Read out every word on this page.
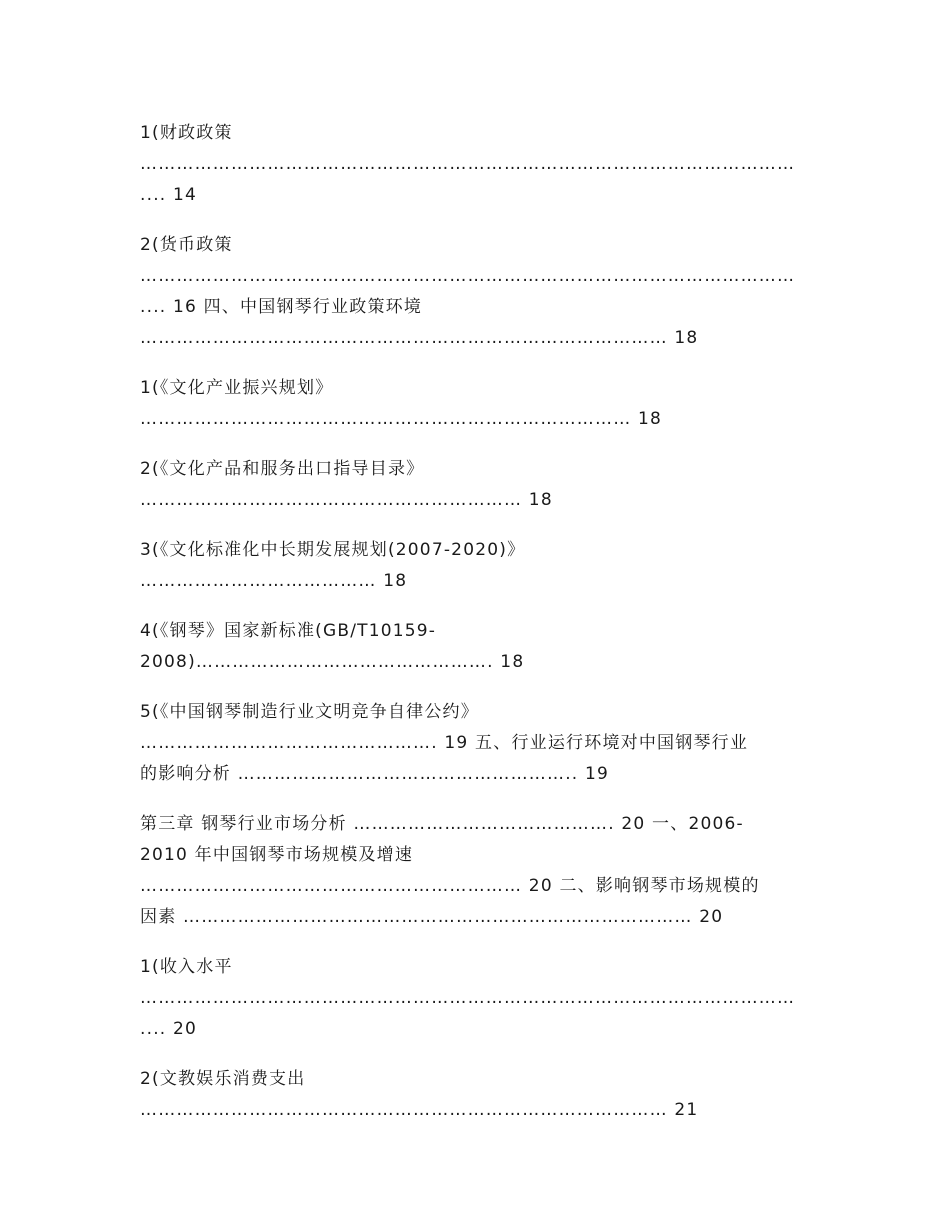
1(财政政策
………………………………………………………………………………………………
.... 14
2(货币政策
………………………………………………………………………………………………
.... 16 四、中国钢琴行业政策环境
…………………………………………………………………………… 18
1(《文化产业振兴规划》
……………………………………………………………………… 18
2(《文化产品和服务出口指导目录》
……………………………………………………… 18
3(《文化标准化中长期发展规划(2007-2020)》
………………………………… 18
4(《钢琴》国家新标准(GB/T10159-
2008)…………………………………………. 18
5(《中国钢琴制造行业文明竞争自律公约》
…………………………………………. 19 五、行业运行环境对中国钢琴行业
的影响分析 ……………………………………………….. 19
第三章 钢琴行业市场分析 ……………………………………. 20 一、2006-
2010 年中国钢琴市场规模及增速
……………………………………………………… 20 二、影响钢琴市场规模的
因素 ………………………………………………………………………… 20
1(收入水平
………………………………………………………………………………………………
.... 20
2(文教娱乐消费支出
…………………………………………………………………………… 21
